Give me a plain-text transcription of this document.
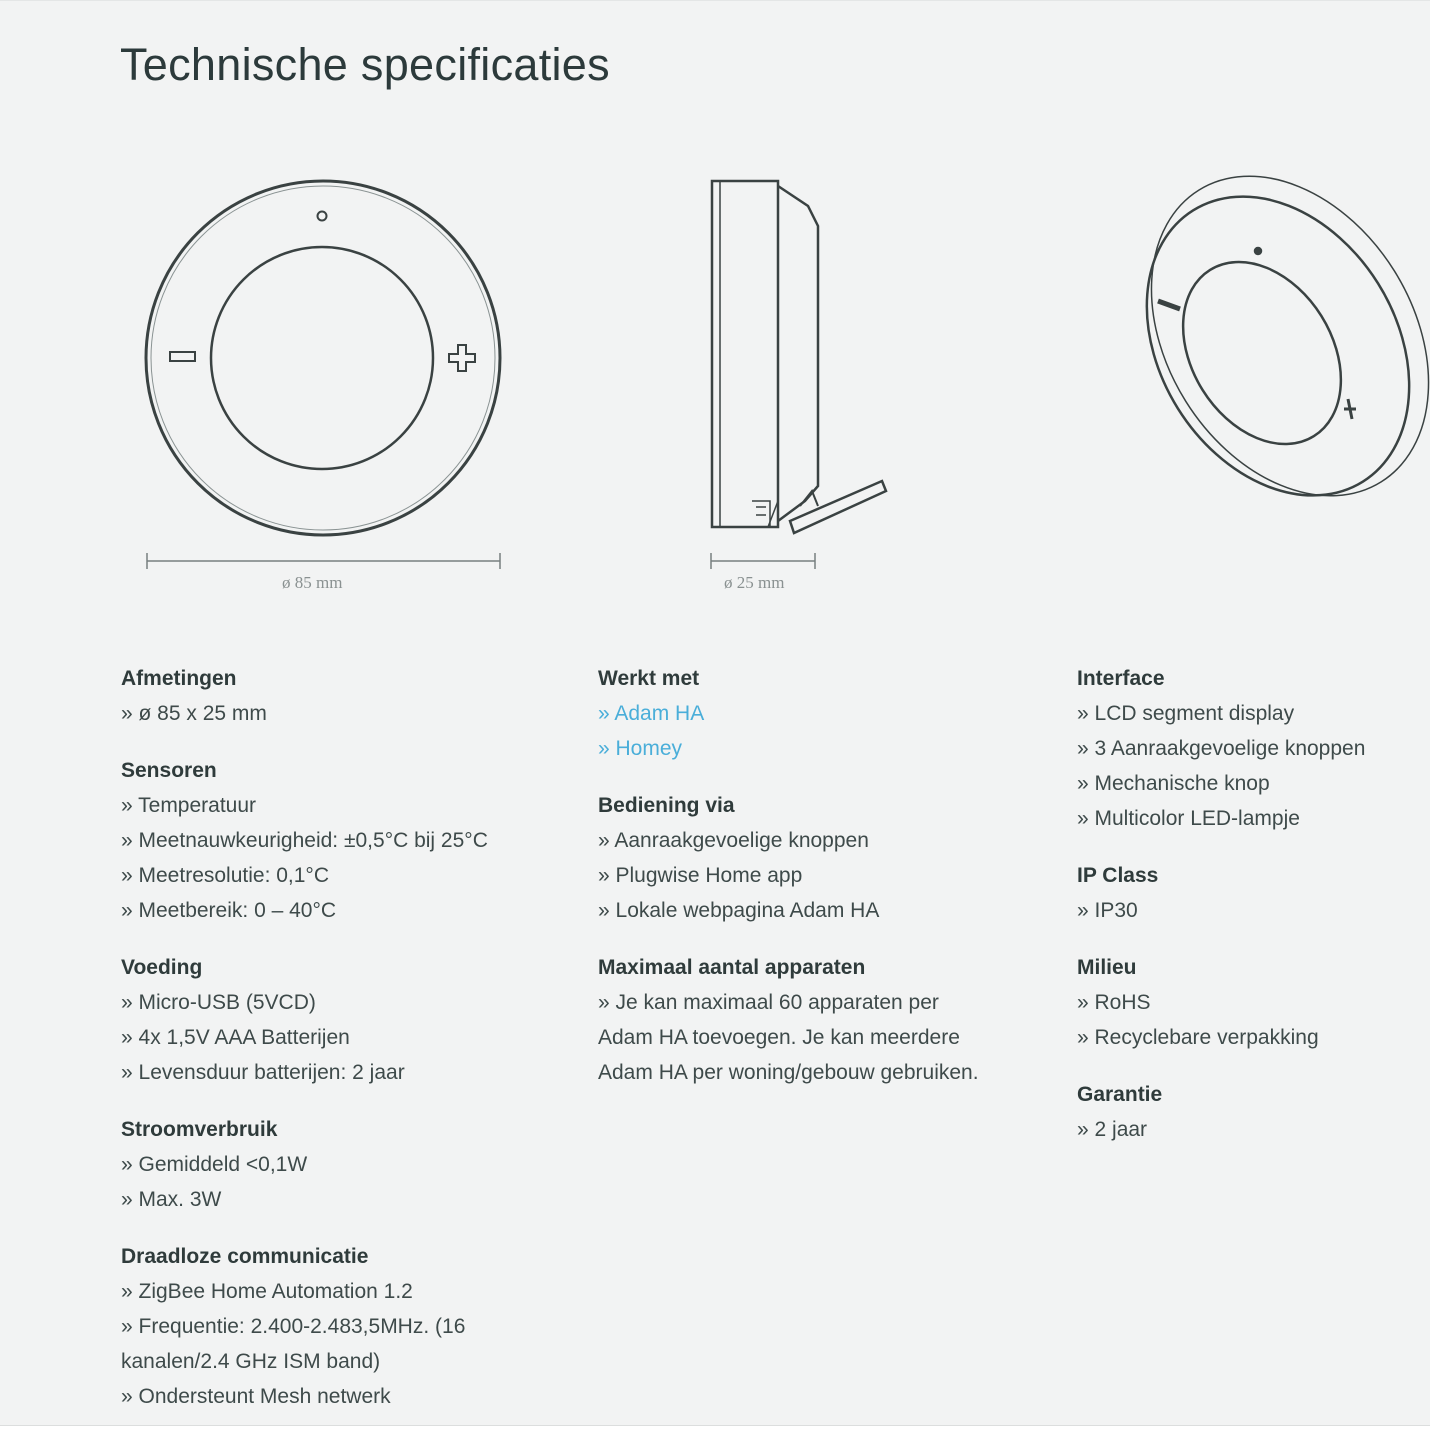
Technische specificaties
ø 85 mm	ø 25 mm
Afmetingen

» ø 85 x 25 mm

Sensoren

» Temperatuur

» Meetnauwkeurigheid: ±0,5°C bij 25°C

» Meetresolutie: 0,1°C

» Meetbereik: 0 – 40°C

Voeding

» Micro-USB (5VCD)

» 4x 1,5V AAA Batterijen

» Levensduur batterijen: 2 jaar

Stroomverbruik

» Gemiddeld <0,1W

» Max. 3W

Draadloze communicatie

» ZigBee Home Automation 1.2

» Frequentie: 2.400-2.483,5MHz. (16 kanalen/2.4 GHz ISM band)

» Ondersteunt Mesh netwerk

Werkt met

» Adam HA

» Homey

Bediening via

» Aanraakgevoelige knoppen

» Plugwise Home app

» Lokale webpagina Adam HA

Maximaal aantal apparaten

» Je kan maximaal 60 apparaten per Adam HA toevoegen. Je kan meerdere Adam HA per woning/gebouw gebruiken.

Interface

» LCD segment display

» 3 Aanraakgevoelige knoppen

» Mechanische knop

» Multicolor LED-lampje

IP Class

» IP30

Milieu

» RoHS

» Recyclebare verpakking

Garantie

» 2 jaar
